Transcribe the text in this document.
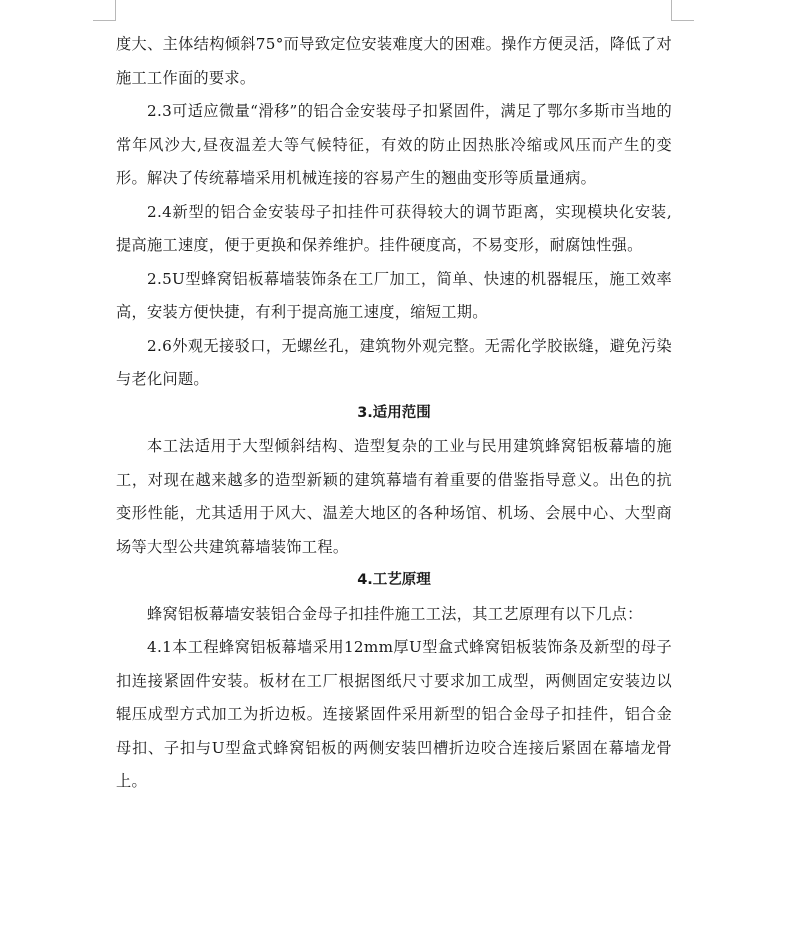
度大、主体结构倾斜75°而导致定位安装难度大的困难。操作方便灵活，降低了对施工工作面的要求。

2.3可适应微量“滑移”的铝合金安装母子扣紧固件，满足了鄂尔多斯市当地的常年风沙大,昼夜温差大等气候特征，有效的防止因热胀冷缩或风压而产生的变形。解决了传统幕墙采用机械连接的容易产生的翘曲变形等质量通病。

2.4新型的铝合金安装母子扣挂件可获得较大的调节距离，实现模块化安装,提高施工速度，便于更换和保养维护。挂件硬度高，不易变形，耐腐蚀性强。

2.5U型蜂窝铝板幕墙装饰条在工厂加工，简单、快速的机器辊压，施工效率高，安装方便快捷，有利于提高施工速度，缩短工期。

2.6外观无接驳口，无螺丝孔，建筑物外观完整。无需化学胶嵌缝，避免污染与老化问题。

3.适用范围

本工法适用于大型倾斜结构、造型复杂的工业与民用建筑蜂窝铝板幕墙的施工，对现在越来越多的造型新颖的建筑幕墙有着重要的借鉴指导意义。出色的抗变形性能，尤其适用于风大、温差大地区的各种场馆、机场、会展中心、大型商场等大型公共建筑幕墙装饰工程。

4.工艺原理

蜂窝铝板幕墙安装铝合金母子扣挂件施工工法，其工艺原理有以下几点：

4.1本工程蜂窝铝板幕墙采用12mm厚U型盒式蜂窝铝板装饰条及新型的母子扣连接紧固件安装。板材在工厂根据图纸尺寸要求加工成型，两侧固定安装边以辊压成型方式加工为折边板。连接紧固件采用新型的铝合金母子扣挂件，铝合金母扣、子扣与U型盒式蜂窝铝板的两侧安装凹槽折边咬合连接后紧固在幕墙龙骨上。
